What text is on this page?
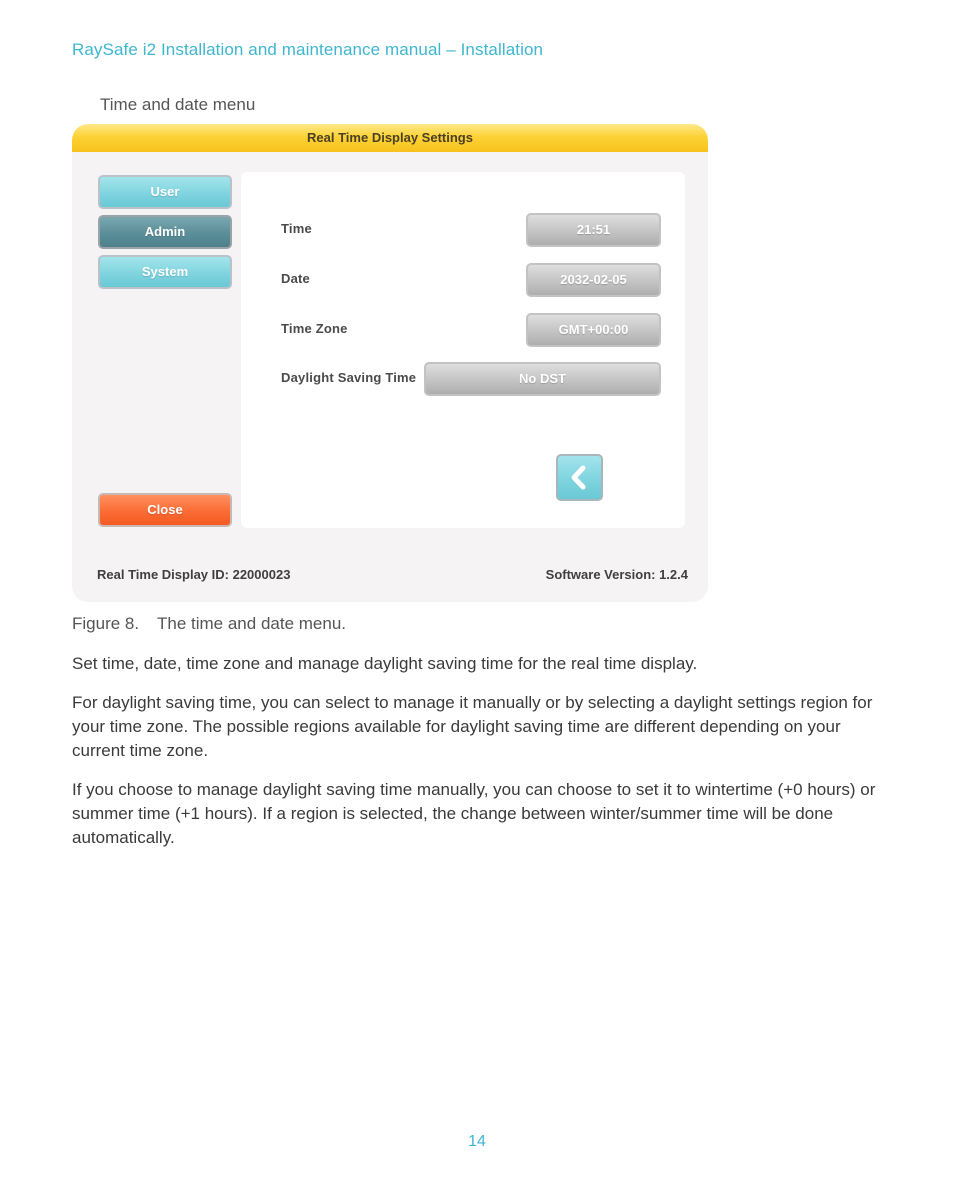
RaySafe i2 Installation and maintenance manual – Installation
Time and date menu
Real Time Display Settings
User
Admin
System
Close
Time	21:51
Date	2032-02-05
Time Zone	GMT+00:00
Daylight Saving Time	No DST
Real Time Display ID: 22000023	Software Version: 1.2.4
Figure 8. The time and date menu.

Set time, date, time zone and manage daylight saving time for the real time display.

For daylight saving time, you can select to manage it manually or by selecting a daylight settings region for your time zone. The possible regions available for daylight saving time are different depending on your current time zone.

If you choose to manage daylight saving time manually, you can choose to set it to wintertime (+0 hours) or summer time (+1 hours). If a region is selected, the change between winter/summer time will be done automatically.

14
